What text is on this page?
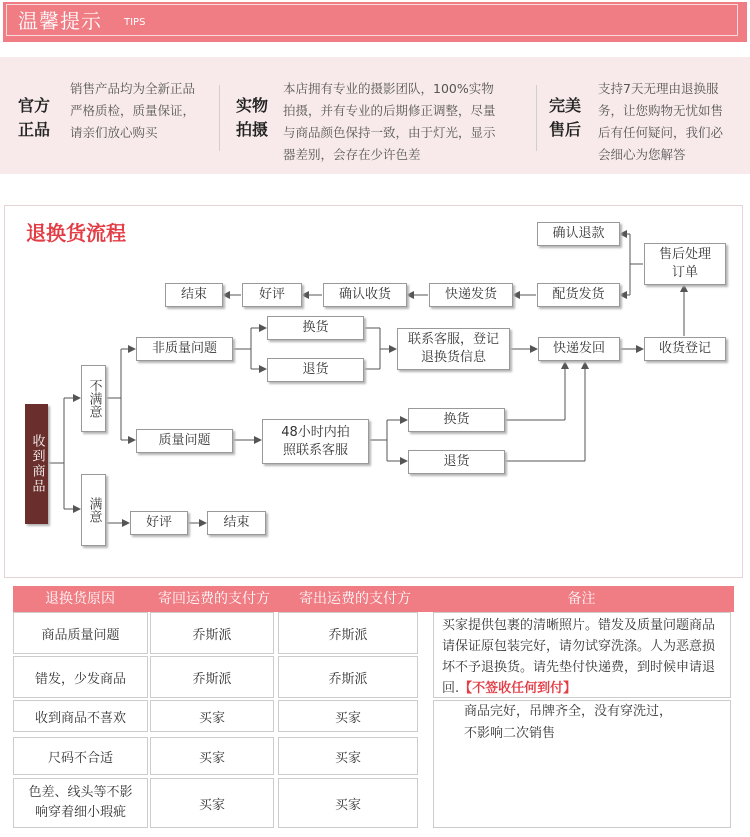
温馨提示 TIPS
官方
正品
销售产品均为全新正品
严格质检，质量保证，
请亲们放心购买
实物
拍摄
本店拥有专业的摄影团队，100%实物
拍摄，并有专业的后期修正调整，尽量
与商品颜色保持一致，由于灯光，显示
器差别，会存在少许色差
完美
售后
支持7天无理由退换服
务，让您购物无忧如售
后有任何疑问，我们必
会细心为您解答
退换货流程
收到商品
不满意
满意
非质量问题
质量问题
换货
退货
联系客服，登记退换货信息
快递发回	收货登记
售后处理订单
确认退款
配货发货
快递发货
确认收货
好评
结束
48小时内拍照联系客服
换货
退货
好评	结束
退换货原因	寄回运费的支付方	寄出运费的支付方	备注
商品质量问题	乔斯派	乔斯派
错发，少发商品	乔斯派	乔斯派
买家提供包裹的清晰照片。错发及质量问题商品请保证原包装完好，请勿试穿洗涤。人为恶意损坏不予退换货。请先垫付快递费，到时候申请退回.【不签收任何到付】
收到商品不喜欢	买家	买家
尺码不合适	买家	买家
色差、线头等不影响穿着细小瑕疵	买家	买家
商品完好，吊牌齐全，没有穿洗过，
不影响二次销售
